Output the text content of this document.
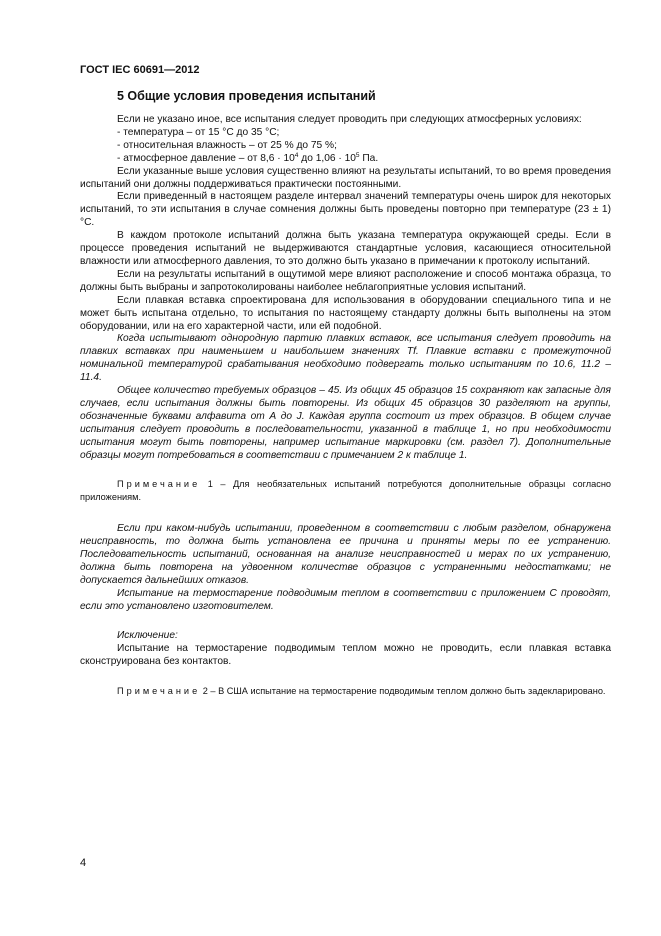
ГОСТ IEC 60691—2012
5 Общие условия проведения испытаний

Если не указано иное, все испытания следует проводить при следующих атмосферных условиях:

- температура – от 15 °С до 35 °С;

- относительная влажность – от 25 % до 75 %;

- атмосферное давление – от $8,6 \cdot 10^4$ до $1,06 \cdot 10^5$ Па.

Если указанные выше условия существенно влияют на результаты испытаний, то во время проведения испытаний они должны поддерживаться практически постоянными.

Если приведенный в настоящем разделе интервал значений температуры очень широк для некоторых испытаний, то эти испытания в случае сомнения должны быть проведены повторно при температуре (23 ± 1) °С.

В каждом протоколе испытаний должна быть указана температура окружающей среды. Если в процессе проведения испытаний не выдерживаются стандартные условия, касающиеся относительной влажности или атмосферного давления, то это должно быть указано в примечании к протоколу испытаний.

Если на результаты испытаний в ощутимой мере влияют расположение и способ монтажа образца, то должны быть выбраны и запротоколированы наиболее неблагоприятные условия испытаний.

Если плавкая вставка спроектирована для использования в оборудовании специального типа и не может быть испытана отдельно, то испытания по настоящему стандарту должны быть выполнены на этом оборудовании, или на его характерной части, или ей подобной.

Когда испытывают однородную партию плавких вставок, все испытания следует проводить на плавких вставках при наименьшем и наибольшем значениях Tf. Плавкие вставки с промежуточной номинальной температурой срабатывания необходимо подвергать только испытаниям по 10.6, 11.2 – 11.4.

Общее количество требуемых образцов – 45. Из общих 45 образцов 15 сохраняют как запасные для случаев, если испытания должны быть повторены. Из общих 45 образцов 30 разделяют на группы, обозначенные буквами алфавита от А до J. Каждая группа состоит из трех образцов. В общем случае испытания следует проводить в последовательности, указанной в таблице 1, но при необходимости испытания могут быть повторены, например испытание маркировки (см. раздел 7). Дополнительные образцы могут потребоваться в соответствии с примечанием 2 к таблице 1.

Примечание 1 – Для необязательных испытаний потребуются дополнительные образцы согласно приложениям.

Если при каком-нибудь испытании, проведенном в соответствии с любым разделом, обнаружена неисправность, то должна быть установлена ее причина и приняты меры по ее устранению. Последовательность испытаний, основанная на анализе неисправностей и мерах по их устранению, должна быть повторена на удвоенном количестве образцов с устраненными недостатками; не допускается дальнейших отказов.

Испытание на термостарение подводимым теплом в соответствии с приложением С проводят, если это установлено изготовителем.

Исключение:

Испытание на термостарение подводимым теплом можно не проводить, если плавкая вставка сконструирована без контактов.

Примечание 2 – В США испытание на термостарение подводимым теплом должно быть задекларировано.

4
